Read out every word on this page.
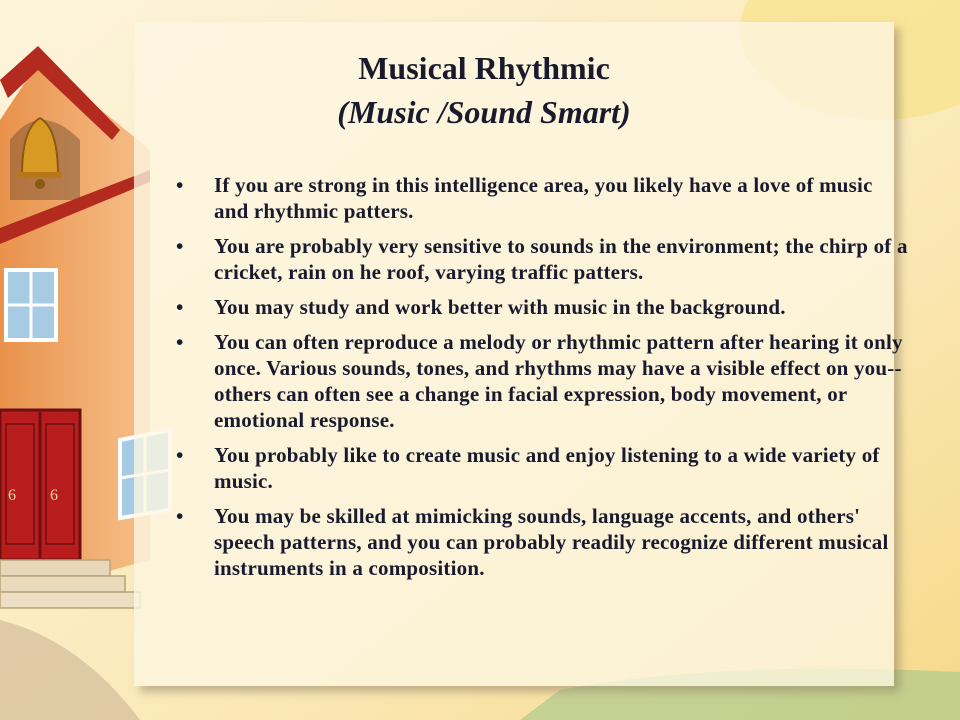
6 6
Musical Rhythmic
(Music /Sound Smart)
• If you are strong in this intelligence area, you likely have a love of music and rhythmic patters.
• You are probably very sensitive to sounds in the environment; the chirp of a cricket, rain on he roof, varying traffic patters.
• You may study and work better with music in the background.
• You can often reproduce a melody or rhythmic pattern after hearing it only once. Various sounds, tones, and rhythms may have a visible effect on you-- others can often see a change in facial expression, body movement, or emotional response.
• You probably like to create music and enjoy listening to a wide variety of music.
• You may be skilled at mimicking sounds, language accents, and others' speech patterns, and you can probably readily recognize different musical instruments in a composition.
